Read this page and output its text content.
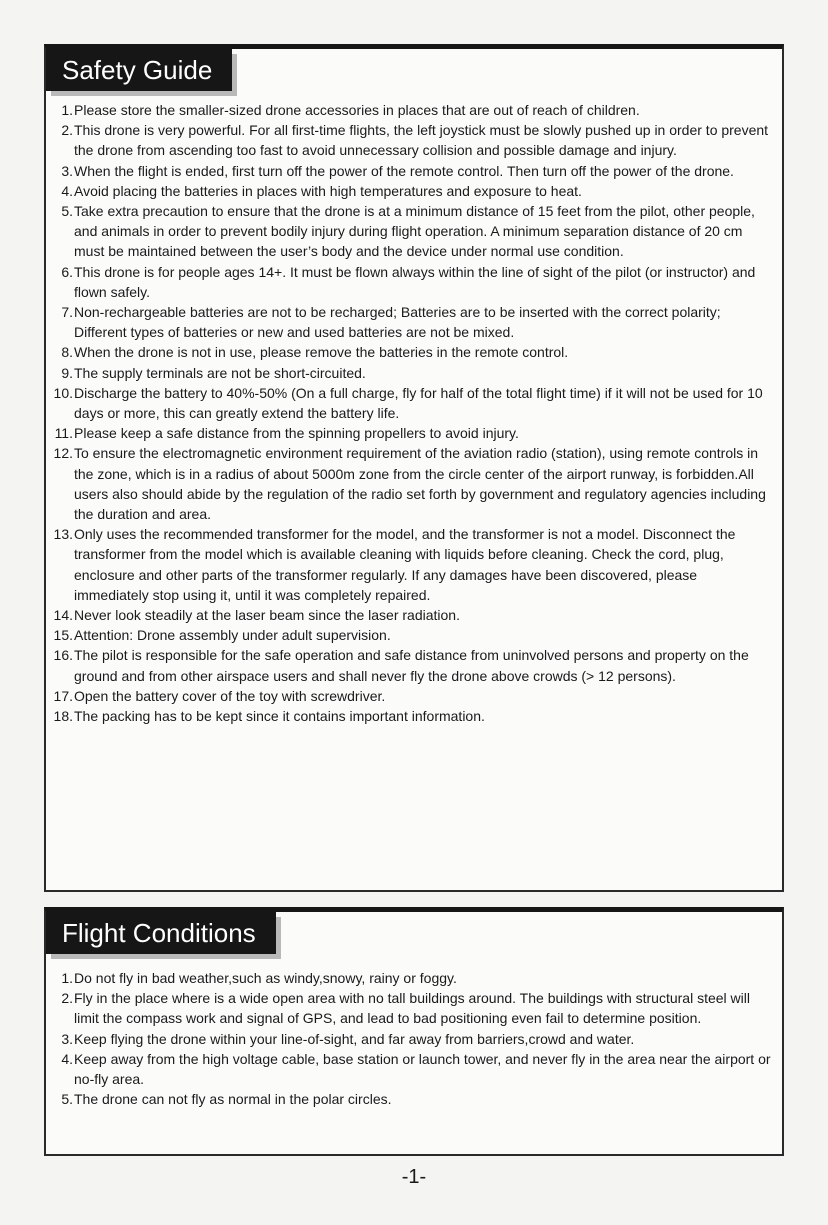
Safety Guide
1. Please store the smaller-sized drone accessories in places that are out of reach of children.
2. This drone is very powerful. For all first-time flights, the left joystick must be slowly pushed up in order to prevent the drone from ascending too fast to avoid unnecessary collision and possible damage and injury.
3. When the flight is ended, first turn off the power of the remote control. Then turn off the power of the drone.
4. Avoid placing the batteries in places with high temperatures and exposure to heat.
5. Take extra precaution to ensure that the drone is at a minimum distance of 15 feet from the pilot, other people, and animals in order to prevent bodily injury during flight operation. A minimum separation distance of 20 cm must be maintained between the user’s body and the device under normal use condition.
6. This drone is for people ages 14+. It must be flown always within the line of sight of the pilot (or instructor) and flown safely.
7. Non-rechargeable batteries are not to be recharged; Batteries are to be inserted with the correct polarity; Different types of batteries or new and used batteries are not be mixed.
8. When the drone is not in use, please remove the batteries in the remote control.
9. The supply terminals are not be short-circuited.
10. Discharge the battery to 40%-50% (On a full charge, fly for half of the total flight time) if it will not be used for 10 days or more, this can greatly extend the battery life.
11. Please keep a safe distance from the spinning propellers to avoid injury.
12. To ensure the electromagnetic environment requirement of the aviation radio (station), using remote controls in the zone, which is in a radius of about 5000m zone from the circle center of the airport runway, is forbidden.All users also should abide by the regulation of the radio set forth by government and regulatory agencies including the duration and area.
13. Only uses the recommended transformer for the model, and the transformer is not a model. Disconnect the transformer from the model which is available cleaning with liquids before cleaning. Check the cord, plug, enclosure and other parts of the transformer regularly. If any damages have been discovered, please immediately stop using it, until it was completely repaired.
14. Never look steadily at the laser beam since the laser radiation.
15. Attention: Drone assembly under adult supervision.
16. The pilot is responsible for the safe operation and safe distance from uninvolved persons and property on the ground and from other airspace users and shall never fly the drone above crowds (> 12 persons).
17. Open the battery cover of the toy with screwdriver.
18. The packing has to be kept since it contains important information.
Flight Conditions
1. Do not fly in bad weather,such as windy,snowy, rainy or foggy.
2. Fly in the place where is a wide open area with no tall buildings around. The buildings with structural steel will limit the compass work and signal of GPS, and lead to bad positioning even fail to determine position.
3. Keep flying the drone within your line-of-sight, and far away from barriers,crowd and water.
4. Keep away from the high voltage cable, base station or launch tower, and never fly in the area near the airport or no-fly area.
5. The drone can not fly as normal in the polar circles.
-1-
